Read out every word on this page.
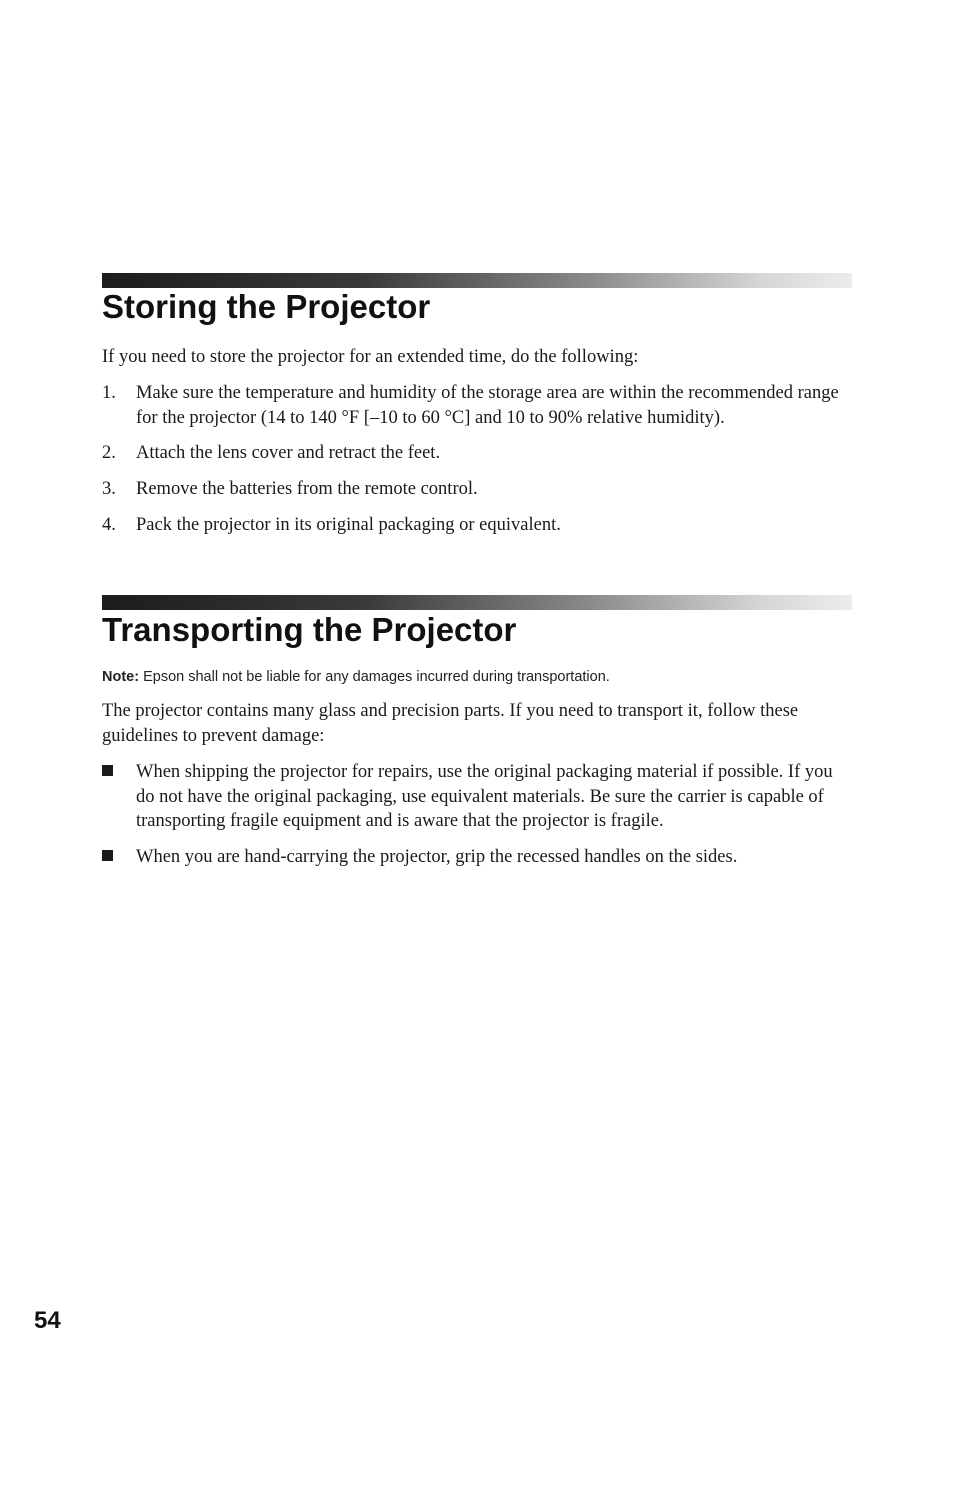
Storing the Projector

If you need to store the projector for an extended time, do the following:

1.	Make sure the temperature and humidity of the storage area are within the recommended range for the projector (14 to 140 °F [–10 to 60 °C] and 10 to 90% relative humidity).
2.	Attach the lens cover and retract the feet.
3.	Remove the batteries from the remote control.
4.	Pack the projector in its original packaging or equivalent.
Transporting the Projector

Note: Epson shall not be liable for any damages incurred during transportation.

The projector contains many glass and precision parts. If you need to transport it, follow these guidelines to prevent damage:

When shipping the projector for repairs, use the original packaging material if possible. If you do not have the original packaging, use equivalent materials. Be sure the carrier is capable of transporting fragile equipment and is aware that the projector is fragile.
When you are hand-carrying the projector, grip the recessed handles on the sides.
54
